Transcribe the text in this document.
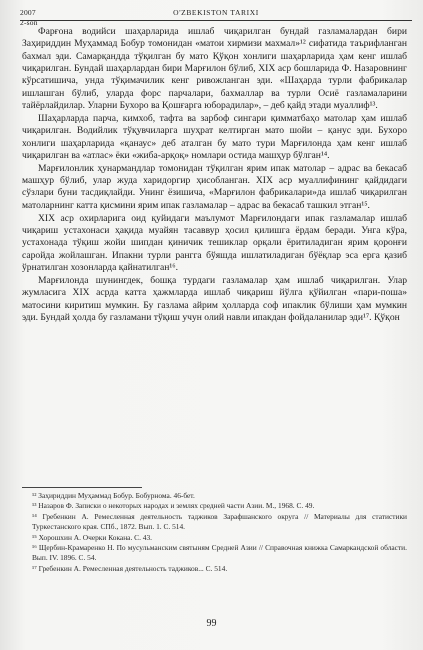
2007	O'ZBEKISTON TARIXI
2-son

Фарғона водийси шаҳарларида ишлаб чиқарилган бундай газламалардан бири Заҳириддин Муҳаммад Бобур томонидан «матои хирмизи махмал»¹² сифатида таърифланган бахмал эди. Самарқандда тўқилган бу мато Қўқон хонлиги шаҳарларида ҳам кенг ишлаб чиқарилган. Бундай шаҳарлардан бири Марғилон бўлиб, XIX аср бошларида Ф. Назаровнинг кўрсатишича, унда тўқимачилик кенг ривожланган эди. «Шаҳарда турли фабрикалар ишлашган бўлиб, уларда форс парчалари, бахмаллар ва турли Осиё газламаларини тайёрлайдилар. Уларни Бухоро ва Қошғарга юборадилар», – деб қайд этади муаллиф¹³.

Шаҳарларда парча, кимхоб, тафта ва зарбоф сингари қимматбаҳо матолар ҳам ишлаб чиқарилган. Водийлик тўқувчиларга шуҳрат келтирган мато шойи – қанус эди. Бухоро хонлиги шаҳарларида «қанаус» деб аталган бу мато тури Марғилонда ҳам кенг ишлаб чиқарилган ва «атлас» ёки «жиба-арқоқ» номлари остида машҳур бўлган¹⁴.

Марғилонлик ҳунармандлар томонидан тўқилган ярим ипак матолар – адрас ва бекасаб машҳур бўлиб, улар жуда харидоргир ҳисобланган. XIX аср муаллифининг қайдидаги сўзлари буни тасдиқлайди. Унинг ёзишича, «Марғилон фабрикалари»да ишлаб чиқарилган матоларнинг катта қисмини ярим ипак газламалар – адрас ва бекасаб ташкил этган¹⁵.

XIX аср охирларига оид қуйидаги маълумот Марғилондаги ипак газламалар ишлаб чиқариш устахонаси ҳақида муайян тасаввур ҳосил қилишга ёрдам беради. Унга кўра, устахонада тўқиш жойи шипдан қиничик тешиклар орқали ёритиладиган ярим қоронғи саройда жойлашган. Ипакни турли рангга бўяшда ишлатиладиган бўёқлар эса ерга қазиб ўрнатилган хозонларда қайнатилган¹⁶.

Марғилонда шунингдек, бошқа турдаги газламалар ҳам ишлаб чиқарилган. Улар жумласига XIX асрда катта ҳажмларда ишлаб чиқариш йўлга қўйилган «пари-поша» матосини киритиш мумкин. Бу газлама айрим ҳолларда соф ипаклик бўлиши ҳам мумкин эди. Бундай ҳолда бу газламани тўқиш учун олий навли ипакдан фойдаланилар эди¹⁷. Қўқон

¹² Заҳириддин Муҳаммад Бобур. Бобурнома. 46-бет.

¹³ Назаров Ф. Записки о некоторых народах и землях средней части Азии. М., 1968. С. 49.

¹⁴ Гребенкин А. Ремесленная деятельность таджиков Зарафшанского округа // Материалы для статистики Туркестанского края. СПб., 1872. Вып. 1. С. 514.

¹⁵ Хорошхин А. Очерки Кокана. С. 43.

¹⁶ Щербин-Крамаренко Н. По мусульманским святыням Средней Азии // Справочная книжка Самаркандской области. Вып. IV. 1896. С. 54.

¹⁷ Гребенкин А. Ремесленная деятельность таджиков... С. 514.

99
